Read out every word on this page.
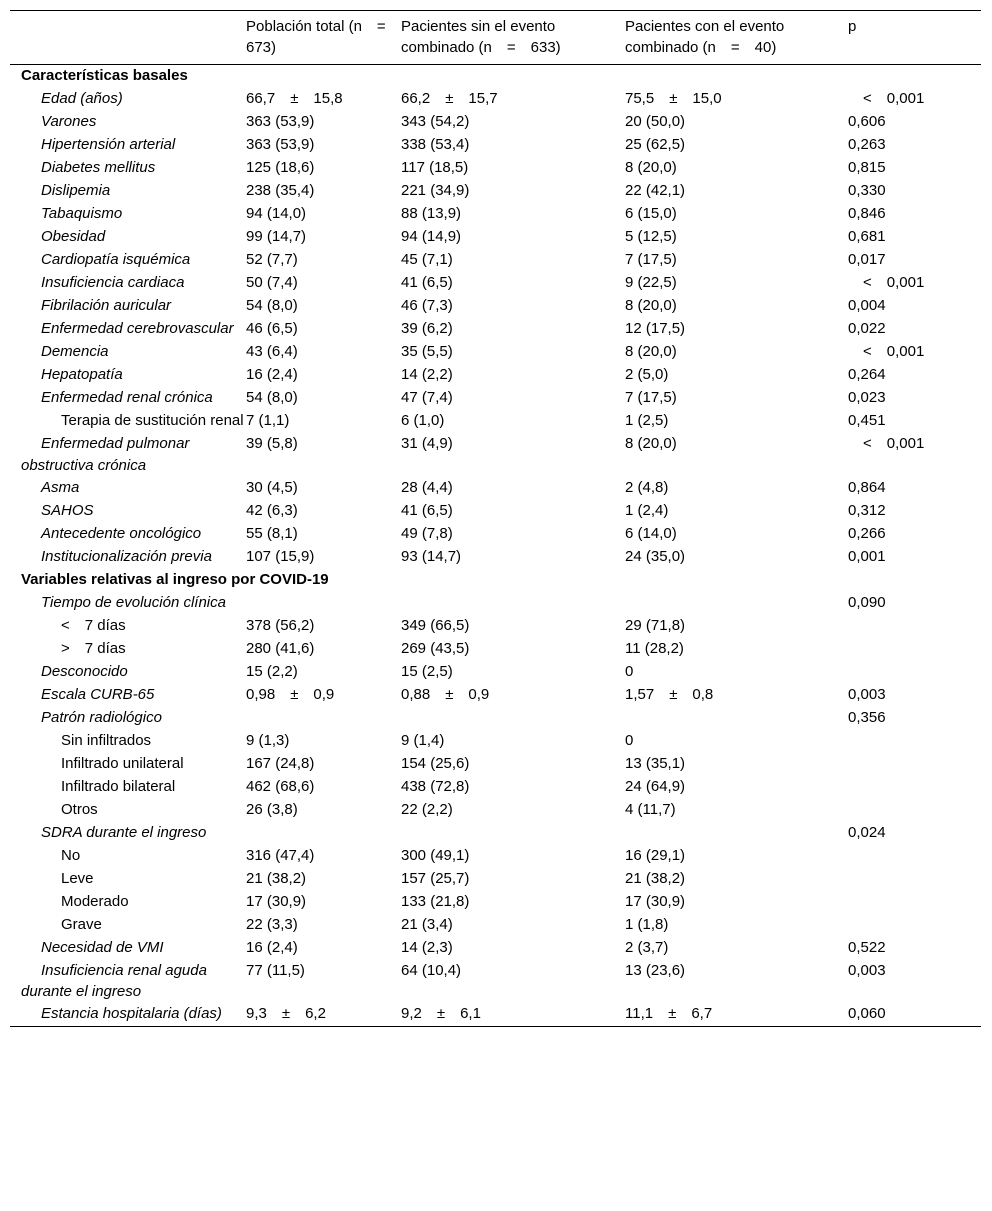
	Población total (n = 673)	Pacientes sin el evento combinado (n = 633)	Pacientes con el evento combinado (n = 40)	p
Características basales				

Edad (años)	66,7 ± 15,8	66,2 ± 15,7	75,5 ± 15,0	 < 0,001

Varones	363 (53,9)	343 (54,2)	20 (50,0)	0,606

Hipertensión arterial	363 (53,9)	338 (53,4)	25 (62,5)	0,263

Diabetes mellitus	125 (18,6)	117 (18,5)	8 (20,0)	0,815

Dislipemia	238 (35,4)	221 (34,9)	22 (42,1)	0,330

Tabaquismo	94 (14,0)	88 (13,9)	6 (15,0)	0,846

Obesidad	99 (14,7)	94 (14,9)	5 (12,5)	0,681

Cardiopatía isquémica	52 (7,7)	45 (7,1)	7 (17,5)	0,017

Insuficiencia cardiaca	50 (7,4)	41 (6,5)	9 (22,5)	 < 0,001

Fibrilación auricular	54 (8,0)	46 (7,3)	8 (20,0)	0,004

Enfermedad cerebrovascular	46 (6,5)	39 (6,2)	12 (17,5)	0,022

Demencia	43 (6,4)	35 (5,5)	8 (20,0)	 < 0,001

Hepatopatía	16 (2,4)	14 (2,2)	2 (5,0)	0,264

Enfermedad renal crónica	54 (8,0)	47 (7,4)	7 (17,5)	0,023

Terapia de sustitución renal	7 (1,1)	6 (1,0)	1 (2,5)	0,451

Enfermedad pulmonar obstructiva crónica	39 (5,8)	31 (4,9)	8 (20,0)	 < 0,001

Asma	30 (4,5)	28 (4,4)	2 (4,8)	0,864

SAHOS	42 (6,3)	41 (6,5)	1 (2,4)	0,312

Antecedente oncológico	55 (8,1)	49 (7,8)	6 (14,0)	0,266

Institucionalización previa	107 (15,9)	93 (14,7)	24 (35,0)	0,001
Variables relativas al ingreso por COVID-19				

Tiempo de evolución clínica				0,090

< 7 días	378 (56,2)	349 (66,5)	29 (71,8)	

> 7 días	280 (41,6)	269 (43,5)	11 (28,2)	

Desconocido	15 (2,2)	15 (2,5)	0	

Escala CURB-65	0,98 ± 0,9	0,88 ± 0,9	1,57 ± 0,8	0,003

Patrón radiológico				0,356

Sin infiltrados	9 (1,3)	9 (1,4)	0	

Infiltrado unilateral	167 (24,8)	154 (25,6)	13 (35,1)	

Infiltrado bilateral	462 (68,6)	438 (72,8)	24 (64,9)	

Otros	26 (3,8)	22 (2,2)	4 (11,7)	

SDRA durante el ingreso				0,024

No	316 (47,4)	300 (49,1)	16 (29,1)	

Leve	21 (38,2)	157 (25,7)	21 (38,2)	

Moderado	17 (30,9)	133 (21,8)	17 (30,9)	

Grave	22 (3,3)	21 (3,4)	1 (1,8)	

Necesidad de VMI	16 (2,4)	14 (2,3)	2 (3,7)	0,522

Insuficiencia renal aguda durante el ingreso	77 (11,5)	64 (10,4)	13 (23,6)	0,003

Estancia hospitalaria (días)	9,3 ± 6,2	9,2 ± 6,1	11,1 ± 6,7	0,060
